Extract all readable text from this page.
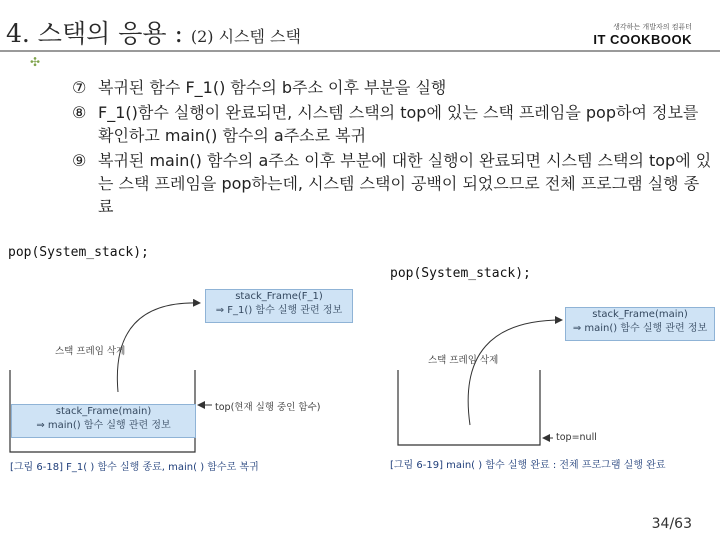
4. 스택의 응용 : (2) 시스템 스택
✣
생각하는 개발자의 컴퓨터
IT COOKBOOK
⑦ 복귀된 함수 F_1() 함수의 b주소 이후 부분을 실행
⑧ F_1()함수 실행이 완료되면, 시스템 스택의 top에 있는 스택 프레임을 pop하여 정보를 확인하고 main() 함수의 a주소로 복귀
⑨ 복귀된 main() 함수의 a주소 이후 부분에 대한 실행이 완료되면 시스템 스택의 top에 있는 스택 프레임을 pop하는데, 시스템 스택이 공백이 되었으므로 전체 프로그램 실행 종료
pop(System_stack);
stack_Frame(F_1)
⇒ F_1() 함수 실행 관련 정보
스택 프레임 삭제
stack_Frame(main)
⇒ main() 함수 실행 관련 정보
top(현재 실행 중인 함수)
[그림 6-18] F_1( ) 함수 실행 종료, main( ) 함수로 복귀
pop(System_stack);
stack_Frame(main)
⇒ main() 함수 실행 관련 정보
스택 프레임 삭제
top=null
[그림 6-19] main( ) 함수 실행 완료 : 전체 프로그램 실행 완료
34/63
